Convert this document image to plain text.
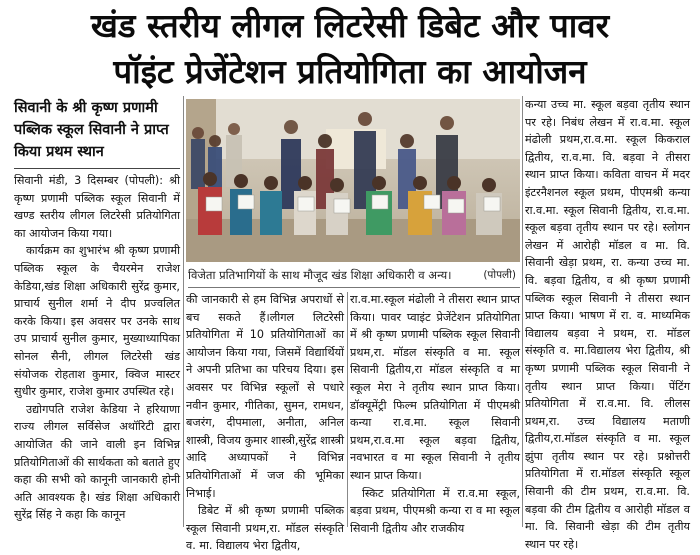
खंड स्तरीय लीगल लिटरेसी डिबेट और पावर
पॉइंट प्रेजेंटेशन प्रतियोगिता का आयोजन
सिवानी के श्री कृष्ण प्रणामी पब्लिक स्कूल सिवानी ने प्राप्त किया प्रथम स्थान

सिवानी मंडी, 3 दिसम्बर (पोपली): श्री कृष्ण प्रणामी पब्लिक स्कूल सिवानी में खण्ड स्तरीय लीगल लिटरेसी प्रतियोगिता का आयोजन किया गया।

कार्यक्रम का शुभारंभ श्री कृष्ण प्रणामी पब्लिक स्कूल के चैयरमेन राजेश केडिया,खंड शिक्षा अधिकारी सुरेंद्र कुमार, प्राचार्य सुनील शर्मा ने दीप प्रज्वलित करके किया। इस अवसर पर उनके साथ उप प्राचार्य सुनील कुमार, मुख्याध्यापिका सोनल सैनी, लीगल लिटरेसी खंड संयोजक रोहताश कुमार, क्विज मास्टर सुधीर कुमार, राजेश कुमार उपस्थित रहे।

उद्योगपति राजेश केडिया ने हरियाणा राज्य लीगल सर्विसेज अथॉरिटी द्वारा आयोजित की जाने वाली इन विभिन्न प्रतियोगिताओं की सार्थकता को बताते हुए कहा की सभी को कानूनी जानकारी होनी अति आवश्यक है। खंड शिक्षा अधिकारी सुरेंद्र सिंह ने कहा कि कानून

विजेता प्रतिभागियों के साथ मौजूद खंड शिक्षा अधिकारी व अन्य।	(पोपली)

की जानकारी से हम विभिन्न अपराधों से बच सकते हैं।लीगल लिटरेसी प्रतियोगिता में 10 प्रतियोगिताओं का आयोजन किया गया, जिसमें विद्यार्थियों ने अपनी प्रतिभा का परिचय दिया। इस अवसर पर विभिन्न स्कूलों से पधारे नवीन कुमार, गीतिका, सुमन, रामधन, बजरंग, दीपमाला, अनीता, अनिल शास्त्री, विजय कुमार शास्त्री,सुरेंद्र शास्त्री आदि अध्यापकों ने विभिन्न प्रतियोगिताओं में जज की भूमिका निभाई।

डिबेट में श्री कृष्ण प्रणामी पब्लिक स्कूल सिवानी प्रथम,रा. मॉडल संस्कृति व. मा. विद्यालय भेरा द्वितीय,

रा.व.मा.स्कूल मंढोली ने तीसरा स्थान प्राप्त किया। पावर प्वाइंट प्रेजेंटेशन प्रतियोगिता में श्री कृष्ण प्रणामी पब्लिक स्कूल सिवानी प्रथम,रा. मॉडल संस्कृति व मा. स्कूल सिवानी द्वितीय,रा मॉडल संस्कृति व मा स्कूल मेरा ने तृतीय स्थान प्राप्त किया। डॉक्यूमेंट्री फिल्म प्रतियोगिता में पीएमश्री कन्या रा.व.मा. स्कूल सिवानी प्रथम,रा.व.मा स्कूल बड़वा द्वितीय, नवभारत व मा स्कूल सिवानी ने तृतीय स्थान प्राप्त किया।

स्किट प्रतियोगिता में रा.व.मा स्कूल, बड़वा प्रथम, पीएमश्री कन्या रा व मा स्कूल सिवानी द्वितीय और राजकीय

कन्या उच्च मा. स्कूल बड़वा तृतीय स्थान पर रहे। निबंध लेखन में रा.व.मा. स्कूल मंढोली प्रथम,रा.व.मा. स्कूल किकराल द्वितीय, रा.व.मा. वि. बड़वा ने तीसरा स्थान प्राप्त किया। कविता वाचन में मदर इंटरनैशनल स्कूल प्रथम, पीएमश्री कन्या रा.व.मा. स्कूल सिवानी द्वितीय, रा.व.मा. स्कूल बड़वा तृतीय स्थान पर रहे। स्लोगन लेखन में आरोही मॉडल व मा. वि. सिवानी खेड़ा प्रथम, रा. कन्या उच्च मा. वि. बड़वा द्वितीय, व श्री कृष्ण प्रणामी पब्लिक स्कूल सिवानी ने तीसरा स्थान प्राप्त किया। भाषण में रा. व. माध्यमिक विद्यालय बड़वा ने प्रथम, रा. मॉडल संस्कृति व. मा.विद्यालय भेरा द्वितीय, श्री कृष्ण प्रणामी पब्लिक स्कूल सिवानी ने तृतीय स्थान प्राप्त किया। पेंटिंग प्रतियोगिता में रा.व.मा. वि. लीलस प्रथम,रा. उच्च विद्यालय मताणी द्वितीय,रा.मॉडल संस्कृति व मा. स्कूल झुंपा तृतीय स्थान पर रहे। प्रश्नोत्तरी प्रतियोगिता में रा.मॉडल संस्कृति स्कूल सिवानी की टीम प्रथम, रा.व.मा. वि. बड़वा की टीम द्वितीय व आरोही मॉडल व मा. वि. सिवानी खेड़ा की टीम तृतीय स्थान पर रहे।
